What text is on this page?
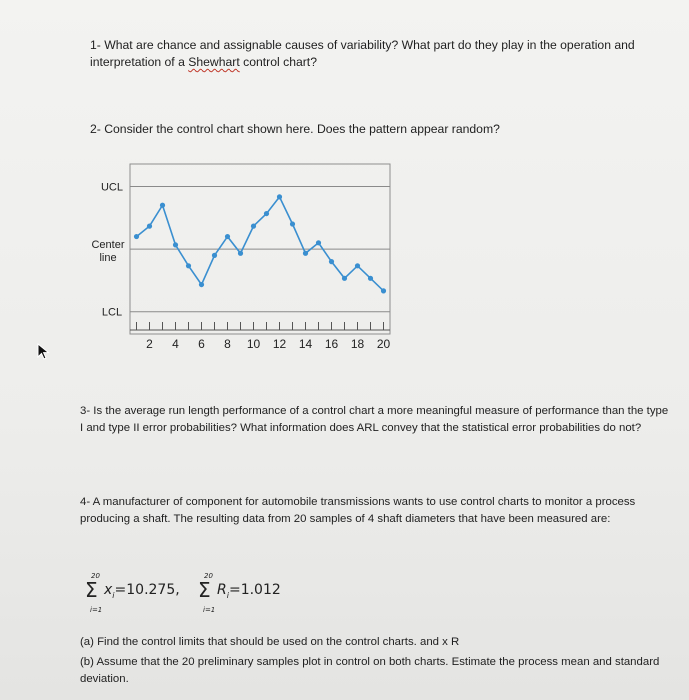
1- What are chance and assignable causes of variability? What part do they play in the operation and interpretation of a Shewhart control chart?
2- Consider the control chart shown here. Does the pattern appear random?
UCL
Center
line
LCL
2 4 6 8 10 12 14 16 18 20
3- Is the average run length performance of a control chart a more meaningful measure of performance than the type I and type II error probabilities? What information does ARL convey that the statistical error probabilities do not?
4- A manufacturer of component for automobile transmissions wants to use control charts to monitor a process producing a shaft. The resulting data from 20 samples of 4 shaft diameters that have been measured are:
20
Σ
i=1
$x_i=10.275$,
20
Σ
i=1
$R_i=1.012$
(a) Find the control limits that should be used on the control charts. and x R
(b) Assume that the 20 preliminary samples plot in control on both charts. Estimate the process mean and standard deviation.
